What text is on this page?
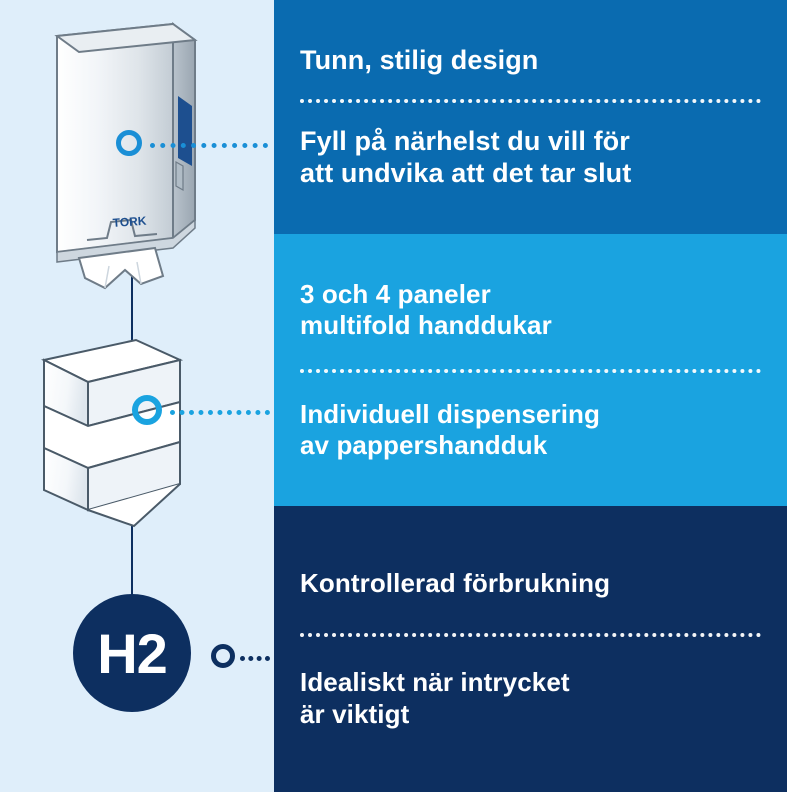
TORK
H2
Tunn, stilig design
Fyll på närhelst du vill för
att undvika att det tar slut
3 och 4 paneler
multifold handdukar
Individuell dispensering
av pappershandduk
Kontrollerad förbrukning
Idealiskt när intrycket
är viktigt
